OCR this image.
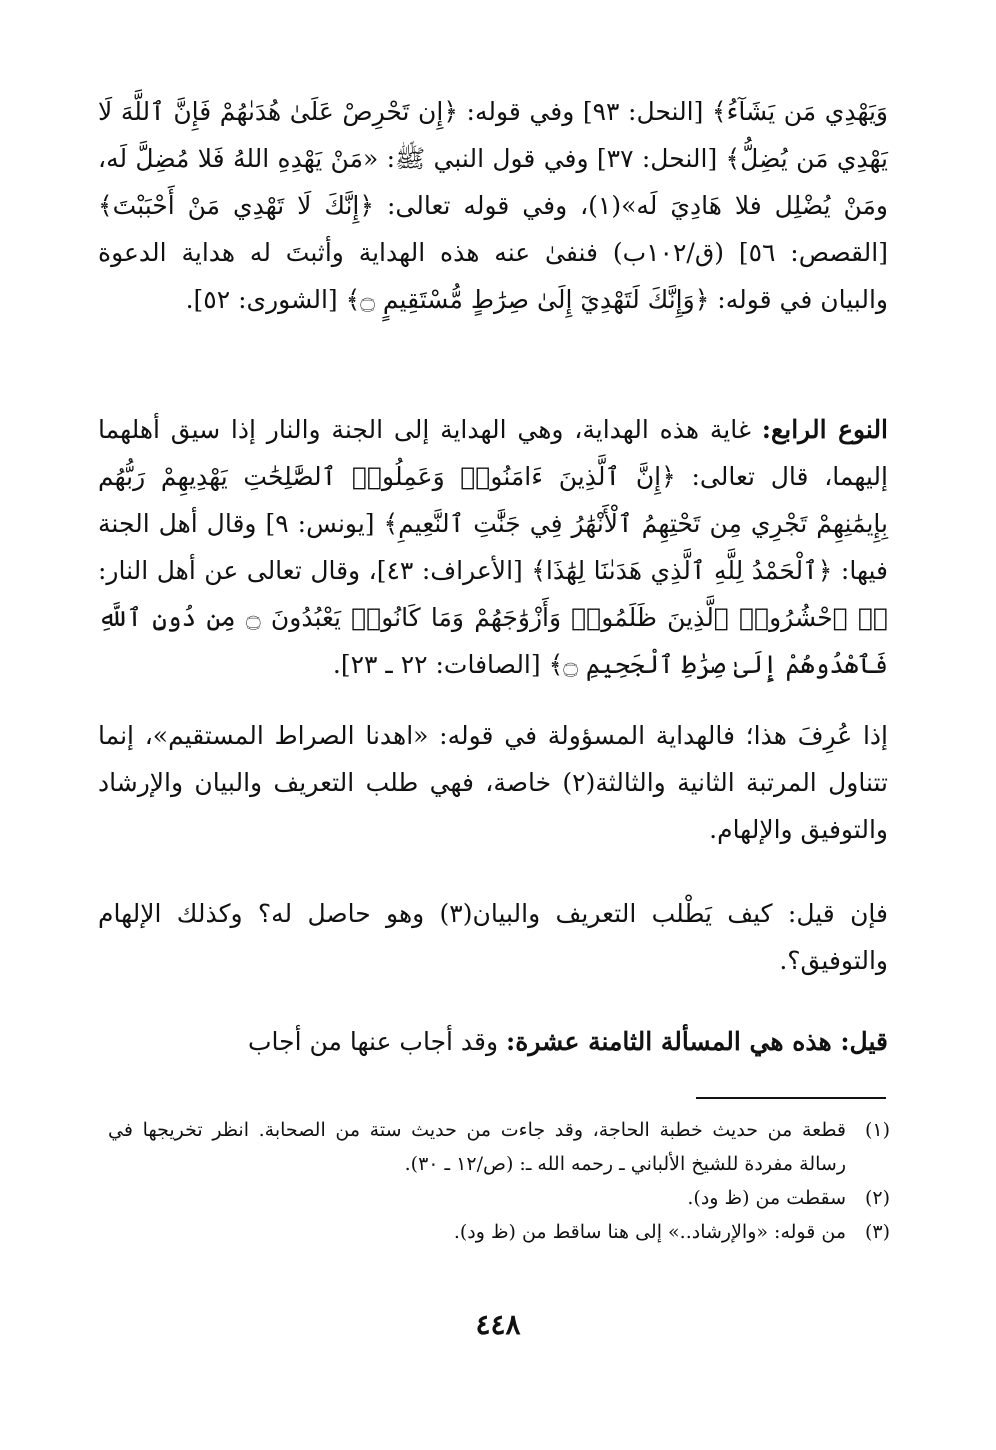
وَيَهْدِي مَن يَشَآءُ﴾ [النحل: ٩٣] وفي قوله: ﴿إِن تَحْرِصْ عَلَىٰ هُدَىٰهُمْ فَإِنَّ ٱللَّهَ لَا يَهْدِي مَن يُضِلُّ﴾ [النحل: ٣٧] وفي قول النبي ﷺ: «مَنْ يَهْدِهِ اللهُ فَلا مُضِلَّ لَه، ومَنْ يُضْلِل فلا هَادِيَ لَه»(١)، وفي قوله تعالى: ﴿إِنَّكَ لَا تَهْدِي مَنْ أَحْبَبْتَ﴾ [القصص: ٥٦] (ق/١٠٢ب) فنفىٰ عنه هذه الهداية وأثبتَ له هداية الدعوة والبيان في قوله: ﴿وَإِنَّكَ لَتَهْدِيٓ إِلَىٰ صِرَٰطٍ مُّسْتَقِيمٍ ۝﴾ [الشورى: ٥٢].

النوع الرابع: غاية هذه الهداية، وهي الهداية إلى الجنة والنار إذا سيق أهلهما إليهما، قال تعالى: ﴿إِنَّ ٱلَّذِينَ ءَامَنُوا۟ وَعَمِلُوا۟ ٱلصَّٰلِحَٰتِ يَهْدِيهِمْ رَبُّهُم بِإِيمَٰنِهِمْ تَجْرِي مِن تَحْتِهِمُ ٱلْأَنْهَٰرُ فِي جَنَّٰتِ ٱلنَّعِيمِ﴾ [يونس: ٩] وقال أهل الجنة فيها: ﴿ٱلْحَمْدُ لِلَّهِ ٱلَّذِي هَدَىٰنَا لِهَٰذَا﴾ [الأعراف: ٤٣]، وقال تعالى عن أهل النار: ﴿۞ ٱحْشُرُوا۟ ٱلَّذِينَ ظَلَمُوا۟ وَأَزْوَٰجَهُمْ وَمَا كَانُوا۟ يَعْبُدُونَ ۝ مِن دُونِ ٱللَّهِ فَٱهْدُوهُمْ إِلَىٰ صِرَٰطِ ٱلْجَحِيمِ ۝﴾ [الصافات: ٢٢ ـ ٢٣].

إذا عُرِفَ هذا؛ فالهداية المسؤولة في قوله: «اهدنا الصراط المستقيم»، إنما تتناول المرتبة الثانية والثالثة(٢) خاصة، فهي طلب التعريف والبيان والإرشاد والتوفيق والإلهام.

فإن قيل: كيف يَطْلب التعريف والبيان(٣) وهو حاصل له؟ وكذلك الإلهام والتوفيق؟.

قيل: هذه هي المسألة الثامنة عشرة: وقد أجاب عنها من أجاب

(١)
قطعة من حديث خطبة الحاجة، وقد جاءت من حديث ستة من الصحابة. انظر تخريجها في رسالة مفردة للشيخ الألباني ـ رحمه الله ـ: (ص/١٢ ـ ٣٠).
(٢)
سقطت من (ظ ود).
(٣)
من قوله: «والإرشاد..» إلى هنا ساقط من (ظ ود).
٤٤٨
